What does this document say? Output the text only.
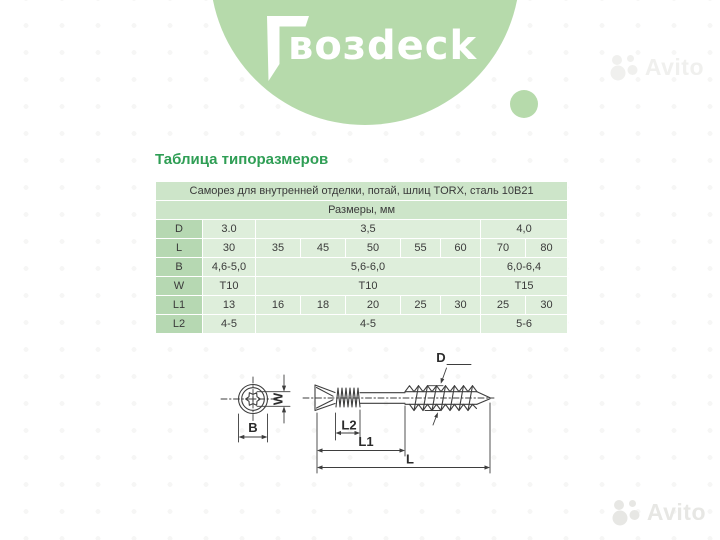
возdeck
Таблица типоразмеров
Саморез для внутренней отделки, потай, шлиц TORX, сталь 10В21								
Размеры, мм								
D	3.0	3,5					4,0	
L	30	35	45	50	55	60	70	80
B	4,6-5,0	5,6-6,0					6,0-6,4	
W	T10	T10					T15	
L1	13	16	18	20	25	30	25	30
L2	4-5	4-5					5-6	
W
B
D
L2
L1
L
Avito
Avito
